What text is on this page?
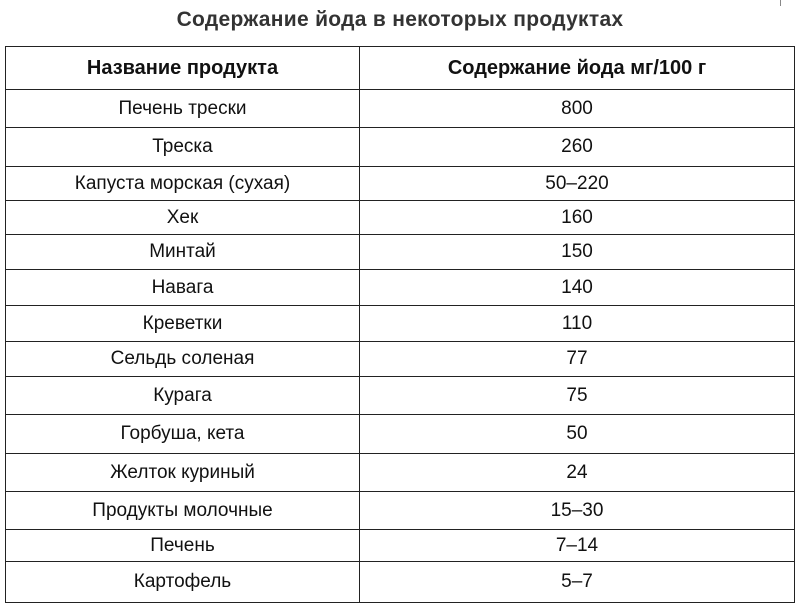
Содержание йода в некоторых продуктах
Название продукта	Содержание йода мг/100 г
Печень трески	800
Треска	260
Капуста морская (сухая)	50–220
Хек	160
Минтай	150
Навага	140
Креветки	110
Сельдь соленая	77
Курага	75
Горбуша, кета	50
Желток куриный	24
Продукты молочные	15–30
Печень	7–14
Картофель	5–7
